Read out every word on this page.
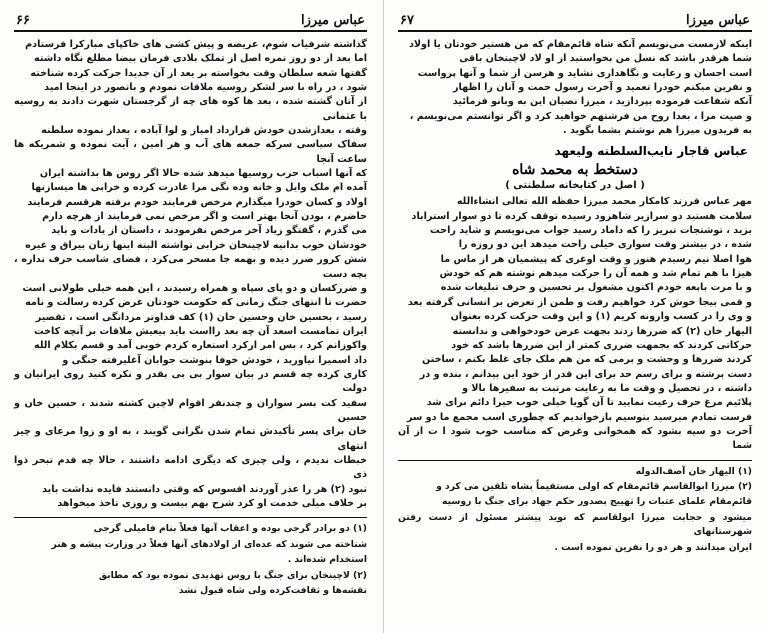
عباس میرزا
۶۶

گذاشته شرفیاب شوم، عریضه و پیش کشی های خاکپای مبارکرا فرستادم

اما بعد از دو روز نمره اصل از تملک بلادی فرمان بیضا مطلع نگاه داشته

گفتها شعه سلطان وقت بخواسته بر یعد از آن جدیدا حرکت کرده شناخته

شود ، در راه با سر لشکر روسیه ملاقات نمودم و باتصور در اینجا امید

از آنان گشته شده ، بعد ها کوه های چه از گرجستان شهرت دادند به روسیه با عثمانی

وقته ، بعدازشدن خودش قرارداد امیاز و لوا آباده ، بعداز نموده سلطنه

سفاک سیاسی سرکه جمعه های آب و هر امین ، آیت نموده و شمریکه ها ساعت آنجا

که آنها اسباب حرب روسیها میدهد شده حالا اگر روس ها بداشته ایران

آمده ام ملک وایل و خانه وده نگی مرا غادرت کرده و خرابی ها میسازنها

اولاد و کسان خودرا میگذارم مرخص فرمایند خودم برفته هرقسم فرمایند

حاضرم ، بودن آنجا بهتر است و اگر مرخص نمی فرمایند از هرچه دارم

می گذرم ، گفتگو زیاد آخر مرخص نفرمودند ، داستان از یادات و باید

خودشان خوب بدانیه لاچینخان خرابی تواشته البته اینها زنان بیراق و غیره

شش کرور ضرر دیده و بهمه جا مسحر می‌کرد ، فضای شاسب حرف نداره ، بچه دست

و ضررکسان و دو پای سپاه و همراه رسیدند ، این همه خیلی طولانی است

حضرت تا انتهای جنگ زمانی که حکومت خودتان عرض کرده رسالت و نامه

رسید ، بحسین خان وحسین خان (۱) کف فداوتر مردانگی است ، تقصیر

ایران تمامست اسعد آن چه بعد رااست باید بیعیش ملاقات بر آنچه کاخت

واکوزانم کرد ، بس امر ارکرد استعاره کردم خوبی آمد و قسم بکلام الله

داد اسمیرا نیاورید ، خودش خوفا بنوشت جوابان آغلیرفته جنگی و

کاری کرده چه قسم در بیان سوار بی بی بقدر و نکره کنید روی ایرانیان و دولت

سفید کت بسر سواران و چندنفر اقوام لاچین کشته شدند ، حسین خان و حسین

خان برای پسر تأکیدش تمام شدن نگرانی گویند ، به او و زوا مرعای و چیز انتهای

خبطات ندیدم ، ولی چیزی که دیگری ادامه داشتند ، حالا چه قدم تبحر ذوا ذی

نبود (۲) هر را عذر آوردند افسوس که وقتی دانستند فایده نداشت باید

بر خلاف میلی خدمت او کرد شرح بهم بیست و روزی تاخذ میخواهد

(۱) دو برادر گرجی بوده و اعقاب آنها فعلاً بنام فامیلی گرجی

شناخته می شوند که عده‌ای از اولادهای آنها فعلاً در وزارت پیشه و هنر

استخدام شده‌اند .

(۲) لاچینخان برای جنگ با روس تهدیدی نموده بود که مطابق

نقشه‌ها و ثقافت‌کرده ولی شاه قبول نشد

عباس میرزا
۶۷

اینکه لازمست می‌نویسم آنکه شاه قائم‌مقام که من هستیر خودتان یا اولاد

شما هرقدر باشد که نسل من بخواستید از او لاد لاچینخان باقی

است احسان و رعایت و نگاهداری نشاید و هرسن از شما و آنها پرواست

و نفرین میکنم خودرا تعمید و آخرت رسول حمت و آنان را اظهار

آنکه شفاعت فرموده بپردازید ، میرزا نصبان این به وبانو فرمائید

و صیت مرا ، بعدا روح من فرشتهم خواهید کرد و اگر توانستم می‌نویسم ،

به فریدون میرزا هم نوشتم بشما بگوید .

عباس قاجار نایب‌السلطنه ولیعهد
دستخط به محمد شاه
( اصل در کتابخانه سلطنتی )

مهر عباس فرزند کامکار محمد میرزا حفظه الله تعالی انشاءالله

سلامت هستید دو سرازیر شاهرود رسیده توقف کرده تا دو سوار استراباد

بزید ، توشتجات تبریز را که داماد رسید جواب می‌نویسم و شاید راحت

شده ، در بیشتر وقت سواری خیلی راحت میدهد این دو روزه را

هوا اصلا نیم رسیدم هنوز و وقت اوغری که پیشمیان هر از ماس ما

هیزا با هم تمام شد و همه آن را حرکت میدهم نوشته هم که خودش

و با مرت بابعه خودم اکنون مشغول بر تحسین و حرف تبلیغات شده

و قمی بیجا خوش کرد خواهیم رفت و طمن از تعرض بر انسانی گرفته بعد

و وی را در کسب وارونه کریم (۱) و این وقت حرکت کرده بعنوان

الیهار خان (۲) که ضررها زدند بجهت عرض خودخواهی و ندانسته

حرکاتی کردند که بجمهت ضرری کمتر از این ضررها باشد که خود

کردند ضررها و وحشت و برمی که من هم ملک جای غلط بکنم ، ساختن

دست برشته و برای رسم حد برای این قدر از خود این بیدانم ، بنده و در

داشته ، در تحصیل و وقت ما به رعایت مرتبت به سفیرها بالا و

پلائیم مرغ حرف رعیت نمایید تا آن گویا خیلی خوب حیرا دائم برای شد

فرست تمادم میرسید بنوسیم بازخواندیم که چطوری اسب مجمع ما دو سر

آخرت دو سیه بشود که همخوانی وغرض که مناسب خوب شود ا ت از آن شما

(۱) الیهار خان آصف‌الدوله

(۲) میرزا ابوالقاسم قائم‌مقام که اولی مستقیماً بشاه تلقین می کرد و

قائم‌مقام علمای عتبات را تهییج بصدور حکم جهاد برای جنگ با روسیه

میشود و حجابت میرزا ابولقاسم که نوید پیشتر مسئول از دست رفتن شهرستانهای

ایران میدانند و هر دو را نفرین نموده است .
